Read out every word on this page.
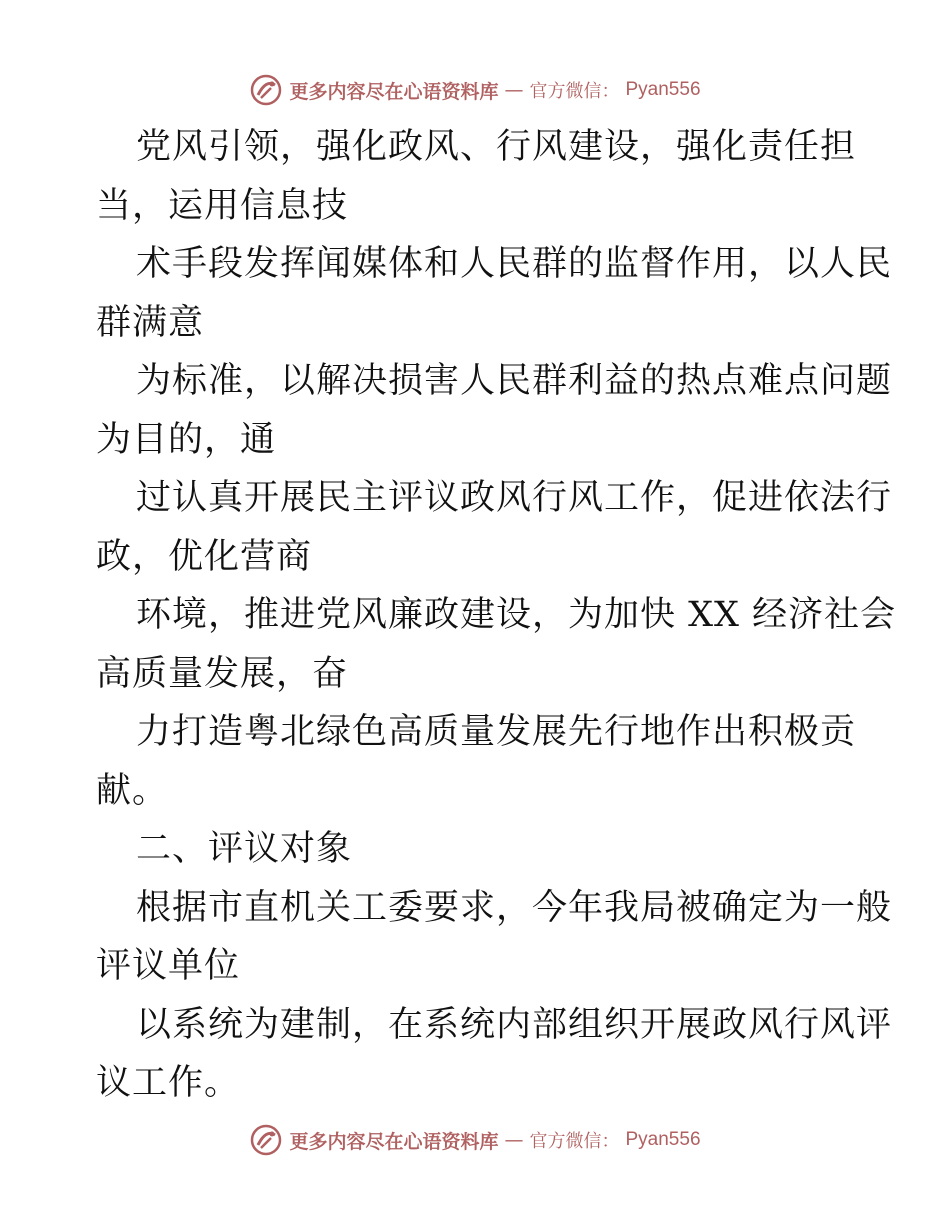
更多内容尽在心语资料库 — 官方微信： Pyan556
党风引领，强化政风、行风建设，强化责任担
当，运用信息技
术手段发挥闻媒体和人民群的监督作用，以人民
群满意
为标准，以解决损害人民群利益的热点难点问题
为目的，通
过认真开展民主评议政风行风工作，促进依法行
政，优化营商
环境，推进党风廉政建设，为加快 XX 经济社会
高质量发展，奋
力打造粤北绿色高质量发展先行地作出积极贡
献。
二、评议对象
根据市直机关工委要求，今年我局被确定为一般
评议单位
以系统为建制，在系统内部组织开展政风行风评
议工作。
更多内容尽在心语资料库 — 官方微信： Pyan556
